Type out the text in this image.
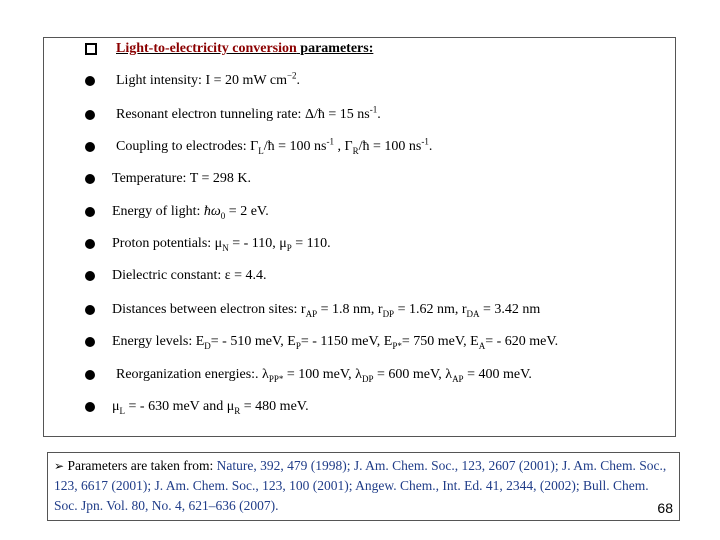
Light-to-electricity conversion parameters:
Light intensity: I = 20 mW $cm^{-2}$.
Resonant electron tunneling rate: Δ/ħ = 15 $ns^{-1}$.
Coupling to electrodes: $\Gamma_L/ħ = 100$ $ns^{-1}$ , $\Gamma_R/ħ = 100$ $ns^{-1}$.
Temperature: T = 298 K.
Energy of light: $ħ\omega_0 = 2$ eV.
Proton potentials: $\mu_N$ = - 110, $\mu_P = 110$.
Dielectric constant: ε = 4.4.
Distances between electron sites: $r_{AP} = 1.8$ nm, $r_{DP} = 1.62$ nm, $r_{DA} = 3.42$ nm
Energy levels: $E_D= - 510$ meV, $E_P= - 1150$ meV, $E_{P*}= 750$ meV, $E_A= - 620$ meV.
Reorganization energies:. $\lambda_{PP*} = 100$ meV, $\lambda_{DP} = 600$ meV, $\lambda_{AP} = 400$ meV.
$\mu_L$ = - 630 meV and $\mu_R = 480$ meV.
➢ Parameters are taken from: Nature, 392, 479 (1998); J. Am. Chem. Soc., 123, 2607 (2001); J. Am. Chem. Soc., 123, 6617 (2001); J. Am. Chem. Soc., 123, 100 (2001); Angew. Chem., Int. Ed. 41, 2344, (2002); Bull. Chem. Soc. Jpn. Vol. 80, No. 4, 621–636 (2007).	68
